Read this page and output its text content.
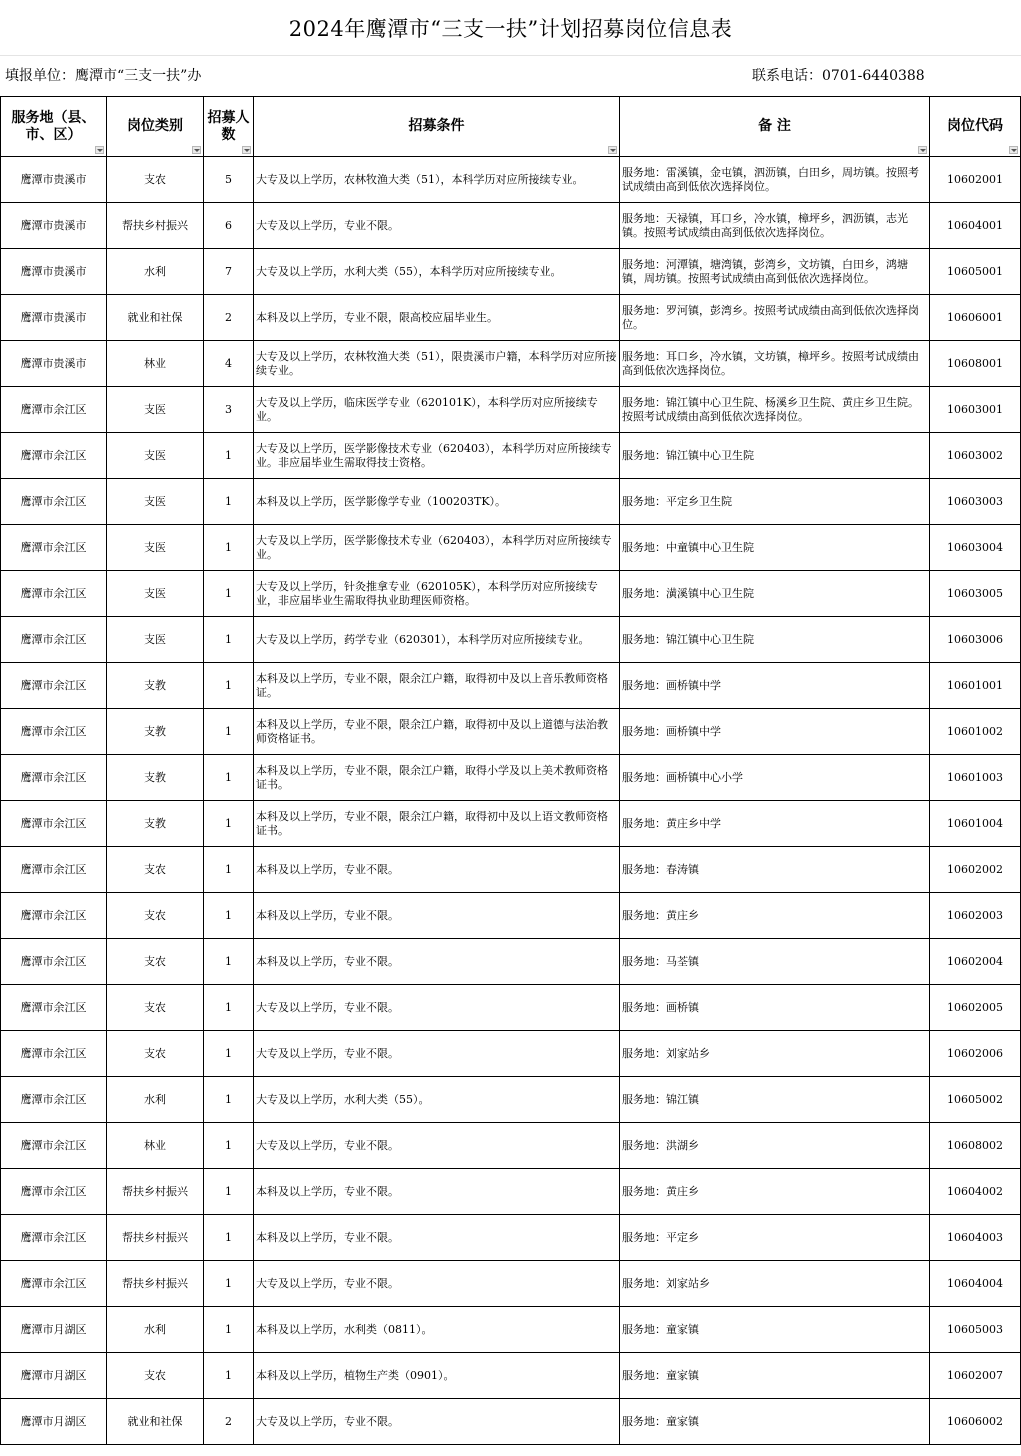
2024年鹰潭市“三支一扶”计划招募岗位信息表
填报单位：鹰潭市“三支一扶”办	联系电话：0701-6440388
服务地（县、市、区）	岗位类别	招募人数	招募条件	备 注	岗位代码

鹰潭市贵溪市	支农	5	大专及以上学历，农林牧渔大类（51），本科学历对应所接续专业。	服务地：雷溪镇，金屯镇，泗沥镇，白田乡，周坊镇。按照考试成绩由高到低依次选择岗位。	10602001
鹰潭市贵溪市	帮扶乡村振兴	6	大专及以上学历，专业不限。	服务地：天禄镇，耳口乡，冷水镇，樟坪乡，泗沥镇，志光镇。按照考试成绩由高到低依次选择岗位。	10604001
鹰潭市贵溪市	水利	7	大专及以上学历，水利大类（55），本科学历对应所接续专业。	服务地：河潭镇，塘湾镇，彭湾乡，文坊镇，白田乡，鸿塘镇，周坊镇。按照考试成绩由高到低依次选择岗位。	10605001
鹰潭市贵溪市	就业和社保	2	本科及以上学历，专业不限，限高校应届毕业生。	服务地：罗河镇，彭湾乡。按照考试成绩由高到低依次选择岗位。	10606001
鹰潭市贵溪市	林业	4	大专及以上学历，农林牧渔大类（51），限贵溪市户籍，本科学历对应所接续专业。	服务地：耳口乡，冷水镇，文坊镇，樟坪乡。按照考试成绩由高到低依次选择岗位。	10608001
鹰潭市余江区	支医	3	大专及以上学历，临床医学专业（620101K），本科学历对应所接续专业。	服务地：锦江镇中心卫生院、杨溪乡卫生院、黄庄乡卫生院。按照考试成绩由高到低依次选择岗位。	10603001
鹰潭市余江区	支医	1	大专及以上学历，医学影像技术专业（620403），本科学历对应所接续专业。非应届毕业生需取得技士资格。	服务地：锦江镇中心卫生院	10603002
鹰潭市余江区	支医	1	本科及以上学历，医学影像学专业（100203TK）。	服务地：平定乡卫生院	10603003
鹰潭市余江区	支医	1	大专及以上学历，医学影像技术专业（620403），本科学历对应所接续专业。	服务地：中童镇中心卫生院	10603004
鹰潭市余江区	支医	1	大专及以上学历，针灸推拿专业（620105K），本科学历对应所接续专业，非应届毕业生需取得执业助理医师资格。	服务地：潢溪镇中心卫生院	10603005
鹰潭市余江区	支医	1	大专及以上学历，药学专业（620301），本科学历对应所接续专业。	服务地：锦江镇中心卫生院	10603006
鹰潭市余江区	支教	1	本科及以上学历，专业不限，限余江户籍，取得初中及以上音乐教师资格证。	服务地：画桥镇中学	10601001
鹰潭市余江区	支教	1	本科及以上学历，专业不限，限余江户籍，取得初中及以上道德与法治教师资格证书。	服务地：画桥镇中学	10601002
鹰潭市余江区	支教	1	本科及以上学历，专业不限，限余江户籍，取得小学及以上美术教师资格证书。	服务地：画桥镇中心小学	10601003
鹰潭市余江区	支教	1	本科及以上学历，专业不限，限余江户籍，取得初中及以上语文教师资格证书。	服务地：黄庄乡中学	10601004
鹰潭市余江区	支农	1	本科及以上学历，专业不限。	服务地：春涛镇	10602002
鹰潭市余江区	支农	1	本科及以上学历，专业不限。	服务地：黄庄乡	10602003
鹰潭市余江区	支农	1	本科及以上学历，专业不限。	服务地：马荃镇	10602004
鹰潭市余江区	支农	1	大专及以上学历，专业不限。	服务地：画桥镇	10602005
鹰潭市余江区	支农	1	大专及以上学历，专业不限。	服务地：刘家站乡	10602006
鹰潭市余江区	水利	1	大专及以上学历，水利大类（55）。	服务地：锦江镇	10605002
鹰潭市余江区	林业	1	大专及以上学历，专业不限。	服务地：洪湖乡	10608002
鹰潭市余江区	帮扶乡村振兴	1	本科及以上学历，专业不限。	服务地：黄庄乡	10604002
鹰潭市余江区	帮扶乡村振兴	1	本科及以上学历，专业不限。	服务地：平定乡	10604003
鹰潭市余江区	帮扶乡村振兴	1	大专及以上学历，专业不限。	服务地：刘家站乡	10604004
鹰潭市月湖区	水利	1	本科及以上学历，水利类（0811）。	服务地：童家镇	10605003
鹰潭市月湖区	支农	1	本科及以上学历，植物生产类（0901）。	服务地：童家镇	10602007
鹰潭市月湖区	就业和社保	2	大专及以上学历，专业不限。	服务地：童家镇	10606002
